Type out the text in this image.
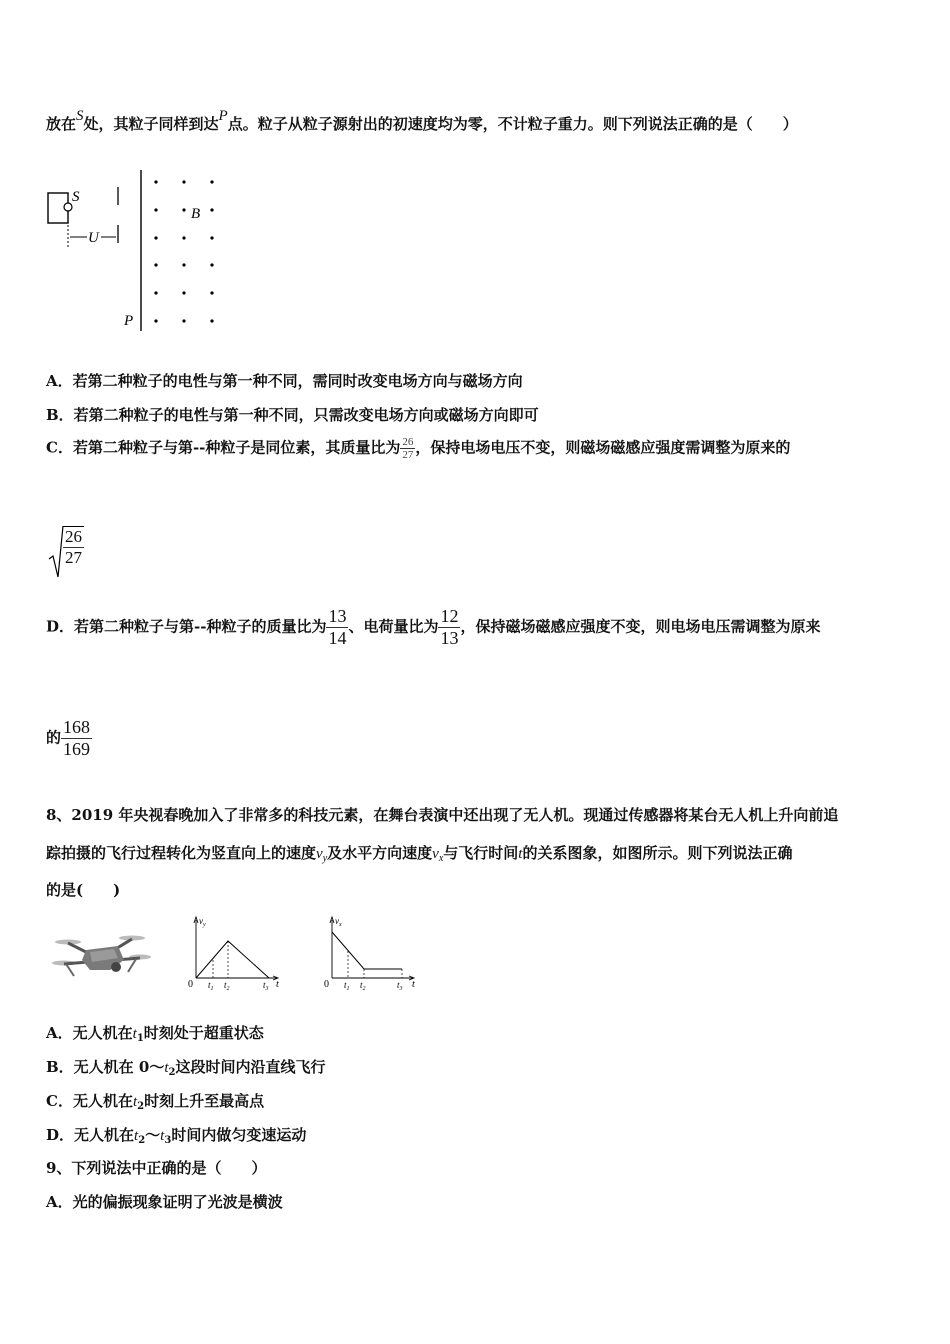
放在S处，其粒子同样到达P点。粒子从粒子源射出的初速度均为零，不计粒子重力。则下列说法正确的是（　　）
S
U
B
P
A．若第二种粒子的电性与第一种不同，需同时改变电场方向与磁场方向
B．若第二种粒子的电性与第一种不同，只需改变电场方向或磁场方向即可
C．若第二种粒子与第--种粒子是同位素，其质量比为 $\frac{26}{27}$ ，保持电场电压不变，则磁场磁感应强度需调整为原来的
$\frac{26}{27}$
D．若第二种粒子与第--种粒子的质量比为 $\frac{13}{14}$ 、电荷量比为 $\frac{12}{13}$ ，保持磁场磁感应强度不变，则电场电压需调整为原来
的 $\frac{168}{169}$
8、2019 年央视春晚加入了非常多的科技元素，在舞台表演中还出现了无人机。现通过传感器将某台无人机上升向前追
踪拍摄的飞行过程转化为竖直向上的速度$v_y$及水平方向速度$v_x$与飞行时间t的关系图象，如图所示。则下列说法正确
的是(　　)
$v_y$
0 $t_1$ $t_2$	$t_3$ t
$v_x$
0 $t_1$ $t_2$	$t_3$ t
A．无人机在$t_1$时刻处于超重状态
B．无人机在 $0\sim t_2$这段时间内沿直线飞行
C．无人机在$t_2$时刻上升至最高点
D．无人机在$t_2\sim t_3$时间内做匀变速运动
9、下列说法中正确的是（　　）
A．光的偏振现象证明了光波是横波
